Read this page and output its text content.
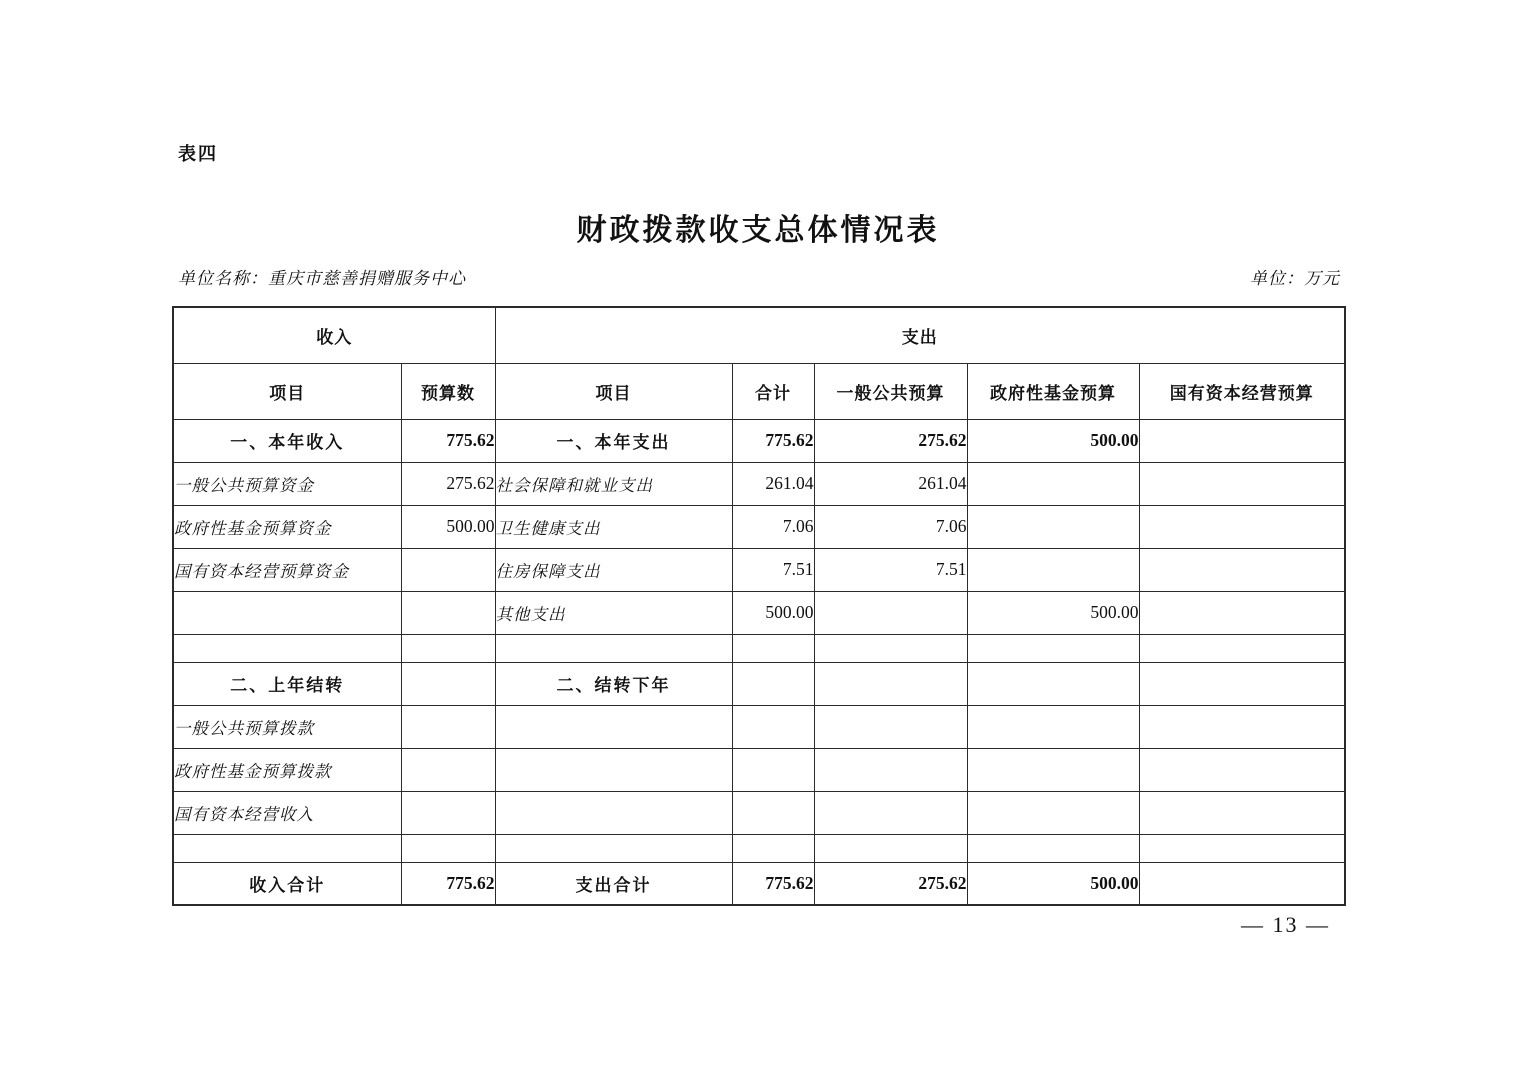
表四
财政拨款收支总体情况表
单位名称：重庆市慈善捐赠服务中心	单位：万元
收入		支出				
项目	预算数	项目	合计	一般公共预算	政府性基金预算	国有资本经营预算
一、本年收入	775.62	一、本年支出	775.62	275.62	500.00	
一般公共预算资金	275.62	社会保障和就业支出	261.04	261.04		
政府性基金预算资金	500.00	卫生健康支出	7.06	7.06		
国有资本经营预算资金		住房保障支出	7.51	7.51		
		其他支出	500.00		500.00	

二、上年结转		二、结转下年				
一般公共预算拨款						
政府性基金预算拨款						
国有资本经营收入						

收入合计	775.62	支出合计	775.62	275.62	500.00	
— 13 —
